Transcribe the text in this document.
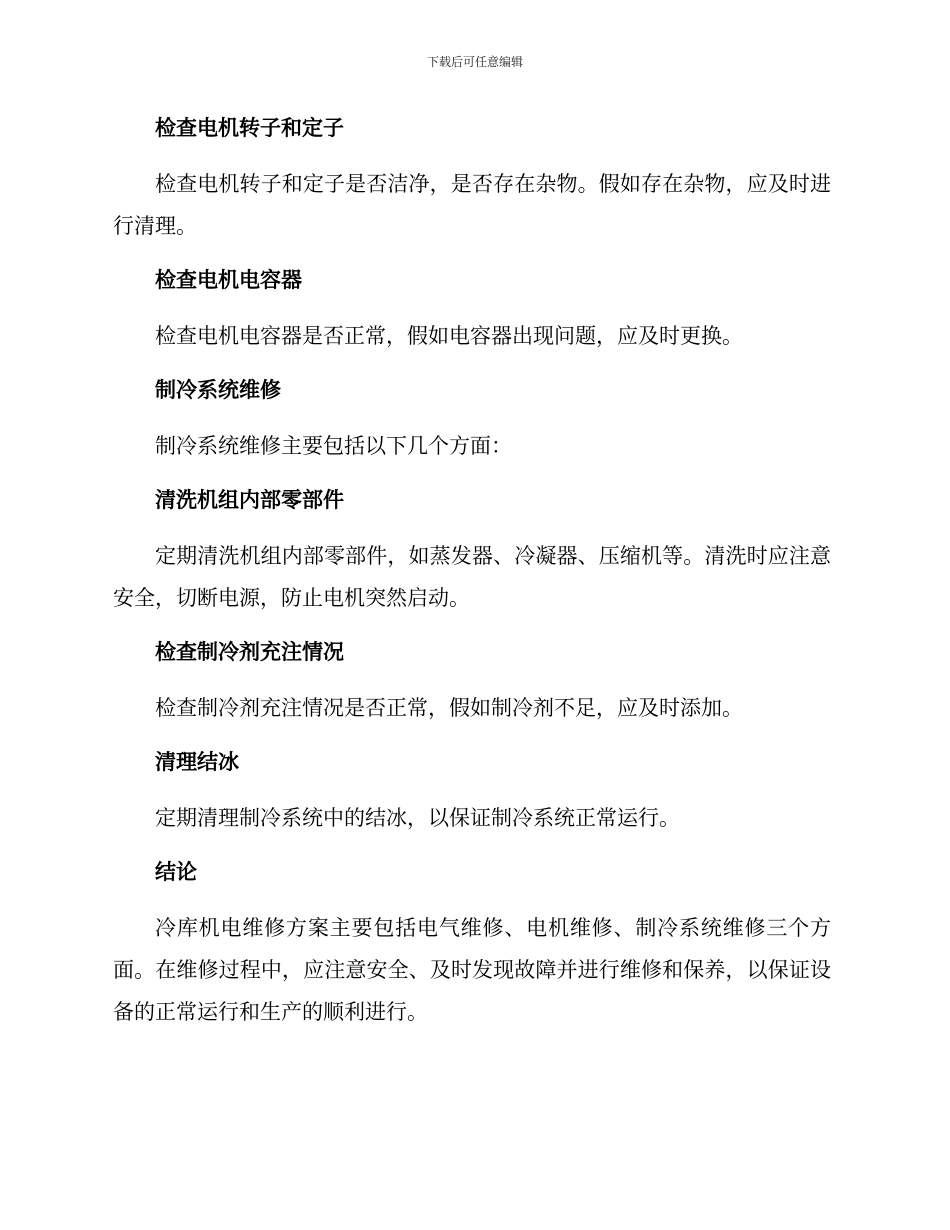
下载后可任意编辑
检查电机转子和定子

检查电机转子和定子是否洁净，是否存在杂物。假如存在杂物，应及时进行清理。

检查电机电容器

检查电机电容器是否正常，假如电容器出现问题，应及时更换。

制冷系统维修

制冷系统维修主要包括以下几个方面：

清洗机组内部零部件

定期清洗机组内部零部件，如蒸发器、冷凝器、压缩机等。清洗时应注意安全，切断电源，防止电机突然启动。

检查制冷剂充注情况

检查制冷剂充注情况是否正常，假如制冷剂不足，应及时添加。

清理结冰

定期清理制冷系统中的结冰，以保证制冷系统正常运行。

结论

冷库机电维修方案主要包括电气维修、电机维修、制冷系统维修三个方面。在维修过程中，应注意安全、及时发现故障并进行维修和保养，以保证设备的正常运行和生产的顺利进行。
